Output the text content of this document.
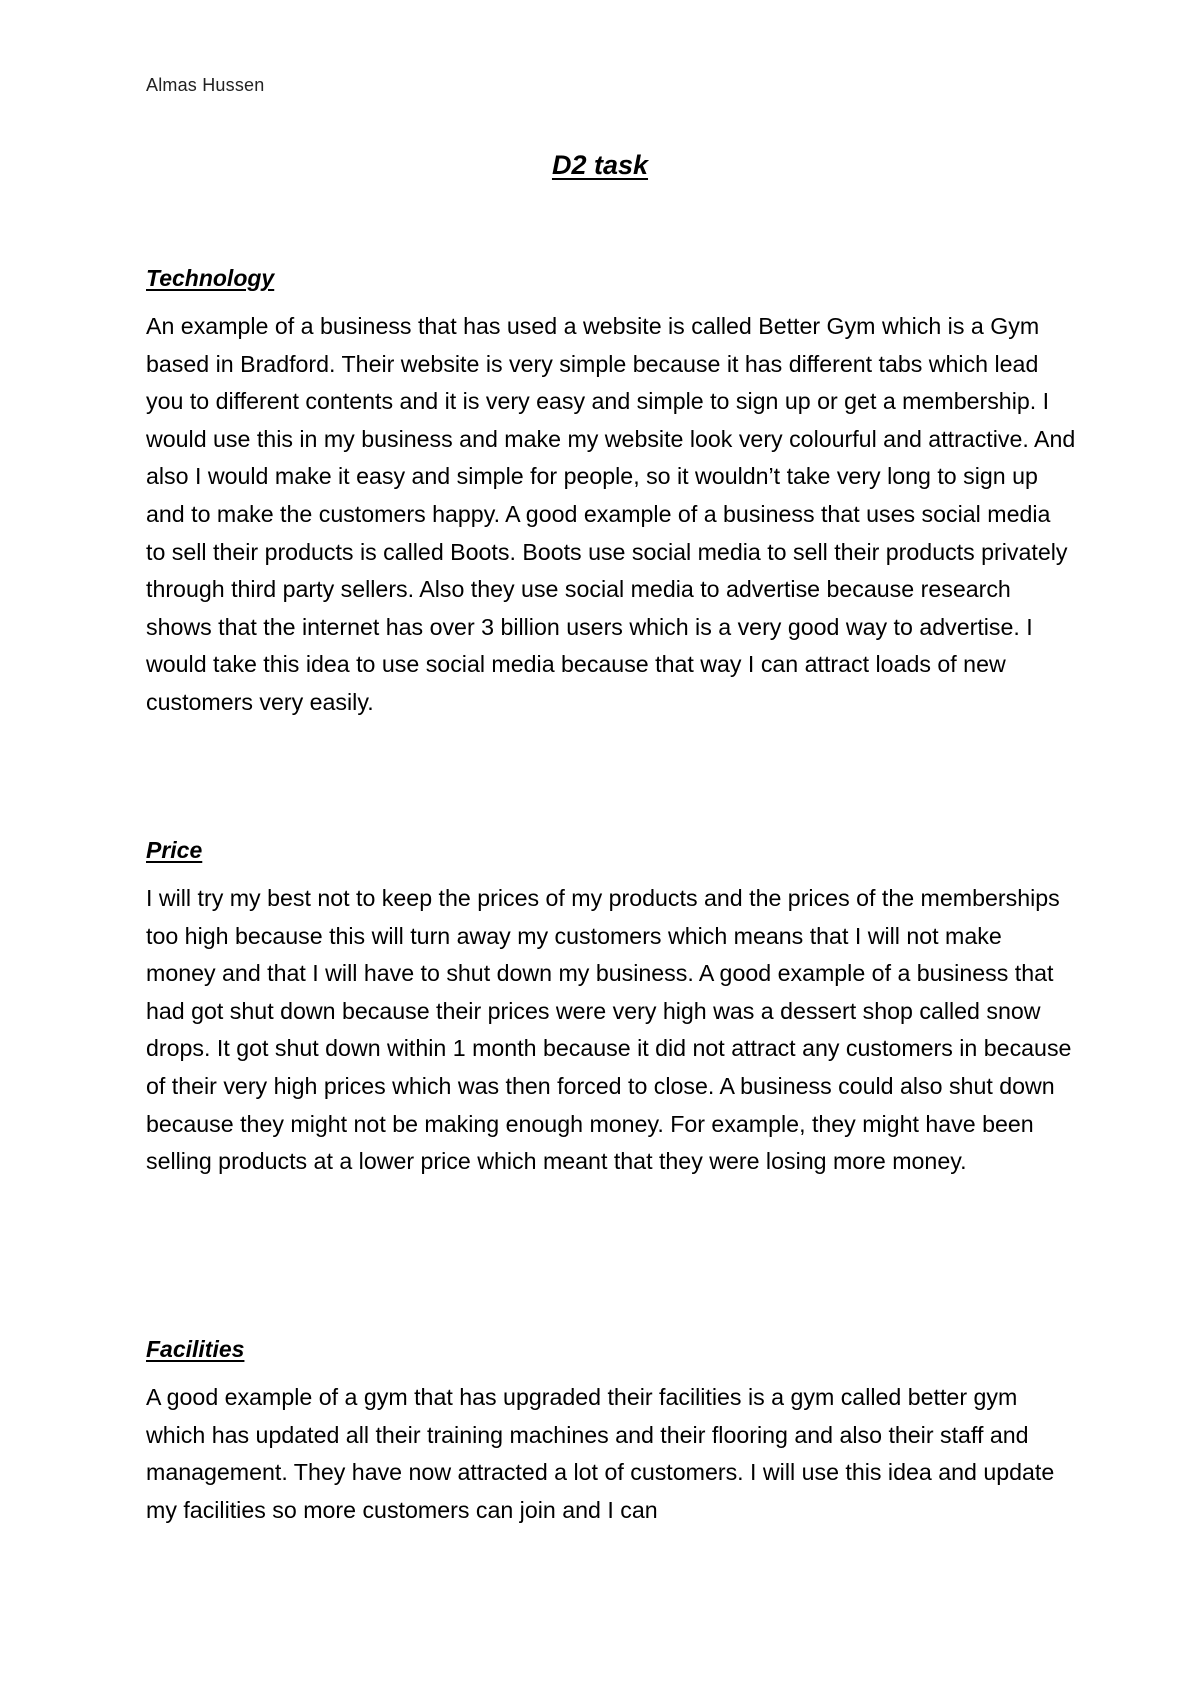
Almas Hussen
D2 task
Technology

An example of a business that has used a website is called Better Gym which is a Gym based in Bradford. Their website is very simple because it has different tabs which lead you to different contents and it is very easy and simple to sign up or get a membership. I would use this in my business and make my website look very colourful and attractive. And also I would make it easy and simple for people, so it wouldn’t take very long to sign up and to make the customers happy. A good example of a business that uses social media to sell their products is called Boots. Boots use social media to sell their products privately through third party sellers. Also they use social media to advertise because research shows that the internet has over 3 billion users which is a very good way to advertise. I would take this idea to use social media because that way I can attract loads of new customers very easily.

Price

I will try my best not to keep the prices of my products and the prices of the memberships too high because this will turn away my customers which means that I will not make money and that I will have to shut down my business. A good example of a business that had got shut down because their prices were very high was a dessert shop called snow drops. It got shut down within 1 month because it did not attract any customers in because of their very high prices which was then forced to close. A business could also shut down because they might not be making enough money. For example, they might have been selling products at a lower price which meant that they were losing more money.

Facilities

A good example of a gym that has upgraded their facilities is a gym called better gym which has updated all their training machines and their flooring and also their staff and management. They have now attracted a lot of customers. I will use this idea and update my facilities so more customers can join and I can
